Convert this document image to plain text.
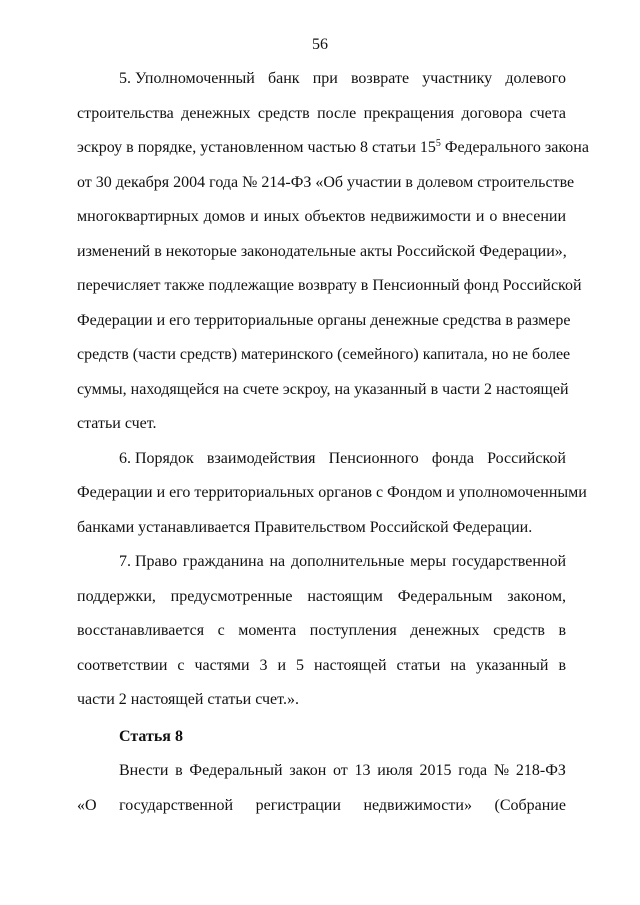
56
5. Уполномоченный банк при возврате участнику долевого
строительства денежных средств после прекращения договора счета
эскроу в порядке, установленном частью 8 статьи $15^5$ Федерального закона
от 30 декабря 2004 года № 214-ФЗ «Об участии в долевом строительстве
многоквартирных домов и иных объектов недвижимости и о внесении
изменений в некоторые законодательные акты Российской Федерации»,
перечисляет также подлежащие возврату в Пенсионный фонд Российской
Федерации и его территориальные органы денежные средства в размере
средств (части средств) материнского (семейного) капитала, но не более
суммы, находящейся на счете эскроу, на указанный в части 2 настоящей
статьи счет.
6. Порядок взаимодействия Пенсионного фонда Российской
Федерации и его территориальных органов с Фондом и уполномоченными
банками устанавливается Правительством Российской Федерации.
7. Право гражданина на дополнительные меры государственной
поддержки, предусмотренные настоящим Федеральным законом,
восстанавливается с момента поступления денежных средств в
соответствии с частями 3 и 5 настоящей статьи на указанный в
части 2 настоящей статьи счет.».
Статья 8
Внести в Федеральный закон от 13 июля 2015 года № 218-ФЗ
«О государственной регистрации недвижимости» (Собрание
